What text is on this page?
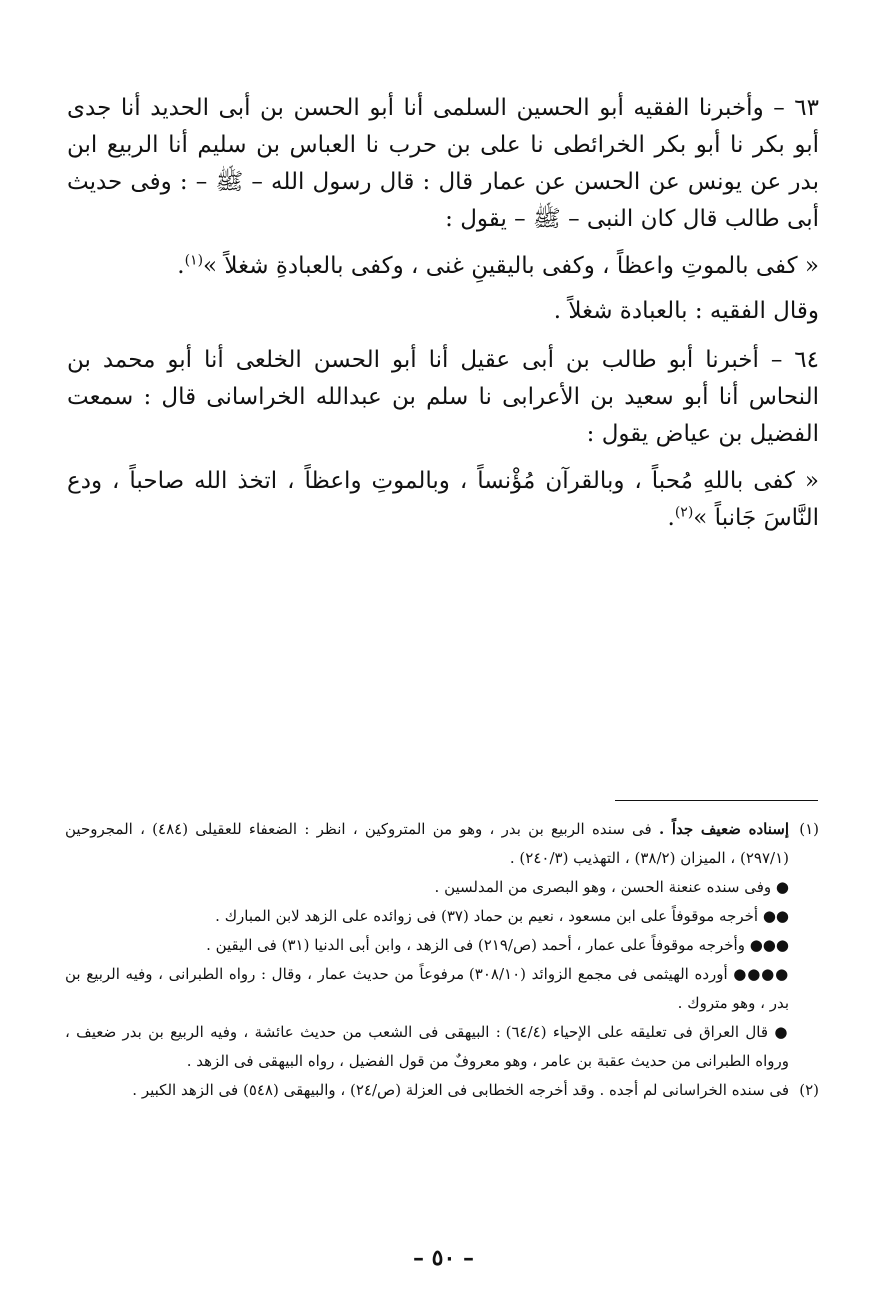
٦٣ – وأخبرنا الفقيه أبو الحسين السلمى أنا أبو الحسن بن أبى الحديد أنا جدى أبو بكر نا أبو بكر الخرائطى نا على بن حرب نا العباس بن سليم أنا الربيع ابن بدر عن يونس عن الحسن عن عمار قال : قال رسول الله – ﷺ – : وفى حديث أبى طالب قال كان النبى – ﷺ – يقول :

« كفى بالموتِ واعظاً ، وكفى باليقينِ غنى ، وكفى بالعبادةِ شغلاً »$^{(١)}$.

وقال الفقيه : بالعبادة شغلاً .

٦٤ – أخبرنا أبو طالب بن أبى عقيل أنا أبو الحسن الخلعى أنا أبو محمد بن النحاس أنا أبو سعيد بن الأعرابى نا سلم بن عبدالله الخراسانى قال : سمعت الفضيل بن عياض يقول :

« كفى باللهِ مُحباً ، وبالقرآن مُؤْنساً ، وبالموتِ واعظاً ، اتخذ الله صاحباً ، ودع النَّاسَ جَانباً »$^{(٢)}$.

(١)
إسناده ضعيف جداً . فى سنده الربيع بن بدر ، وهو من المتروكين ، انظر : الضعفاء للعقيلى (٤٨٤) ، المجروحين (٢٩٧/١) ، الميزان (٣٨/٢) ، التهذيب (٢٤٠/٣) .

● وفى سنده عنعنة الحسن ، وهو البصرى من المدلسين .

●● أخرجه موقوفاً على ابن مسعود ، نعيم بن حماد (٣٧) فى زوائده على الزهد لابن المبارك .

●●● وأخرجه موقوفاً على عمار ، أحمد (ص/٢١٩) فى الزهد ، وابن أبى الدنيا (٣١) فى اليقين .

●●●● أورده الهيثمى فى مجمع الزوائد (٣٠٨/١٠) مرفوعاً من حديث عمار ، وقال : رواه الطبرانى ، وفيه الربيع بن بدر ، وهو متروك .

● قال العراق فى تعليقه على الإحياء (٦٤/٤) : البيهقى فى الشعب من حديث عائشة ، وفيه الربيع بن بدر ضعيف ، ورواه الطبرانى من حديث عقبة بن عامر ، وهو معروفٌ من قول الفضيل ، رواه البيهقى فى الزهد .

(٢)
فى سنده الخراسانى لم أجده . وقد أخرجه الخطابى فى العزلة (ص/٢٤) ، والبيهقى (٥٤٨) فى الزهد الكبير .
– ٥٠ –
